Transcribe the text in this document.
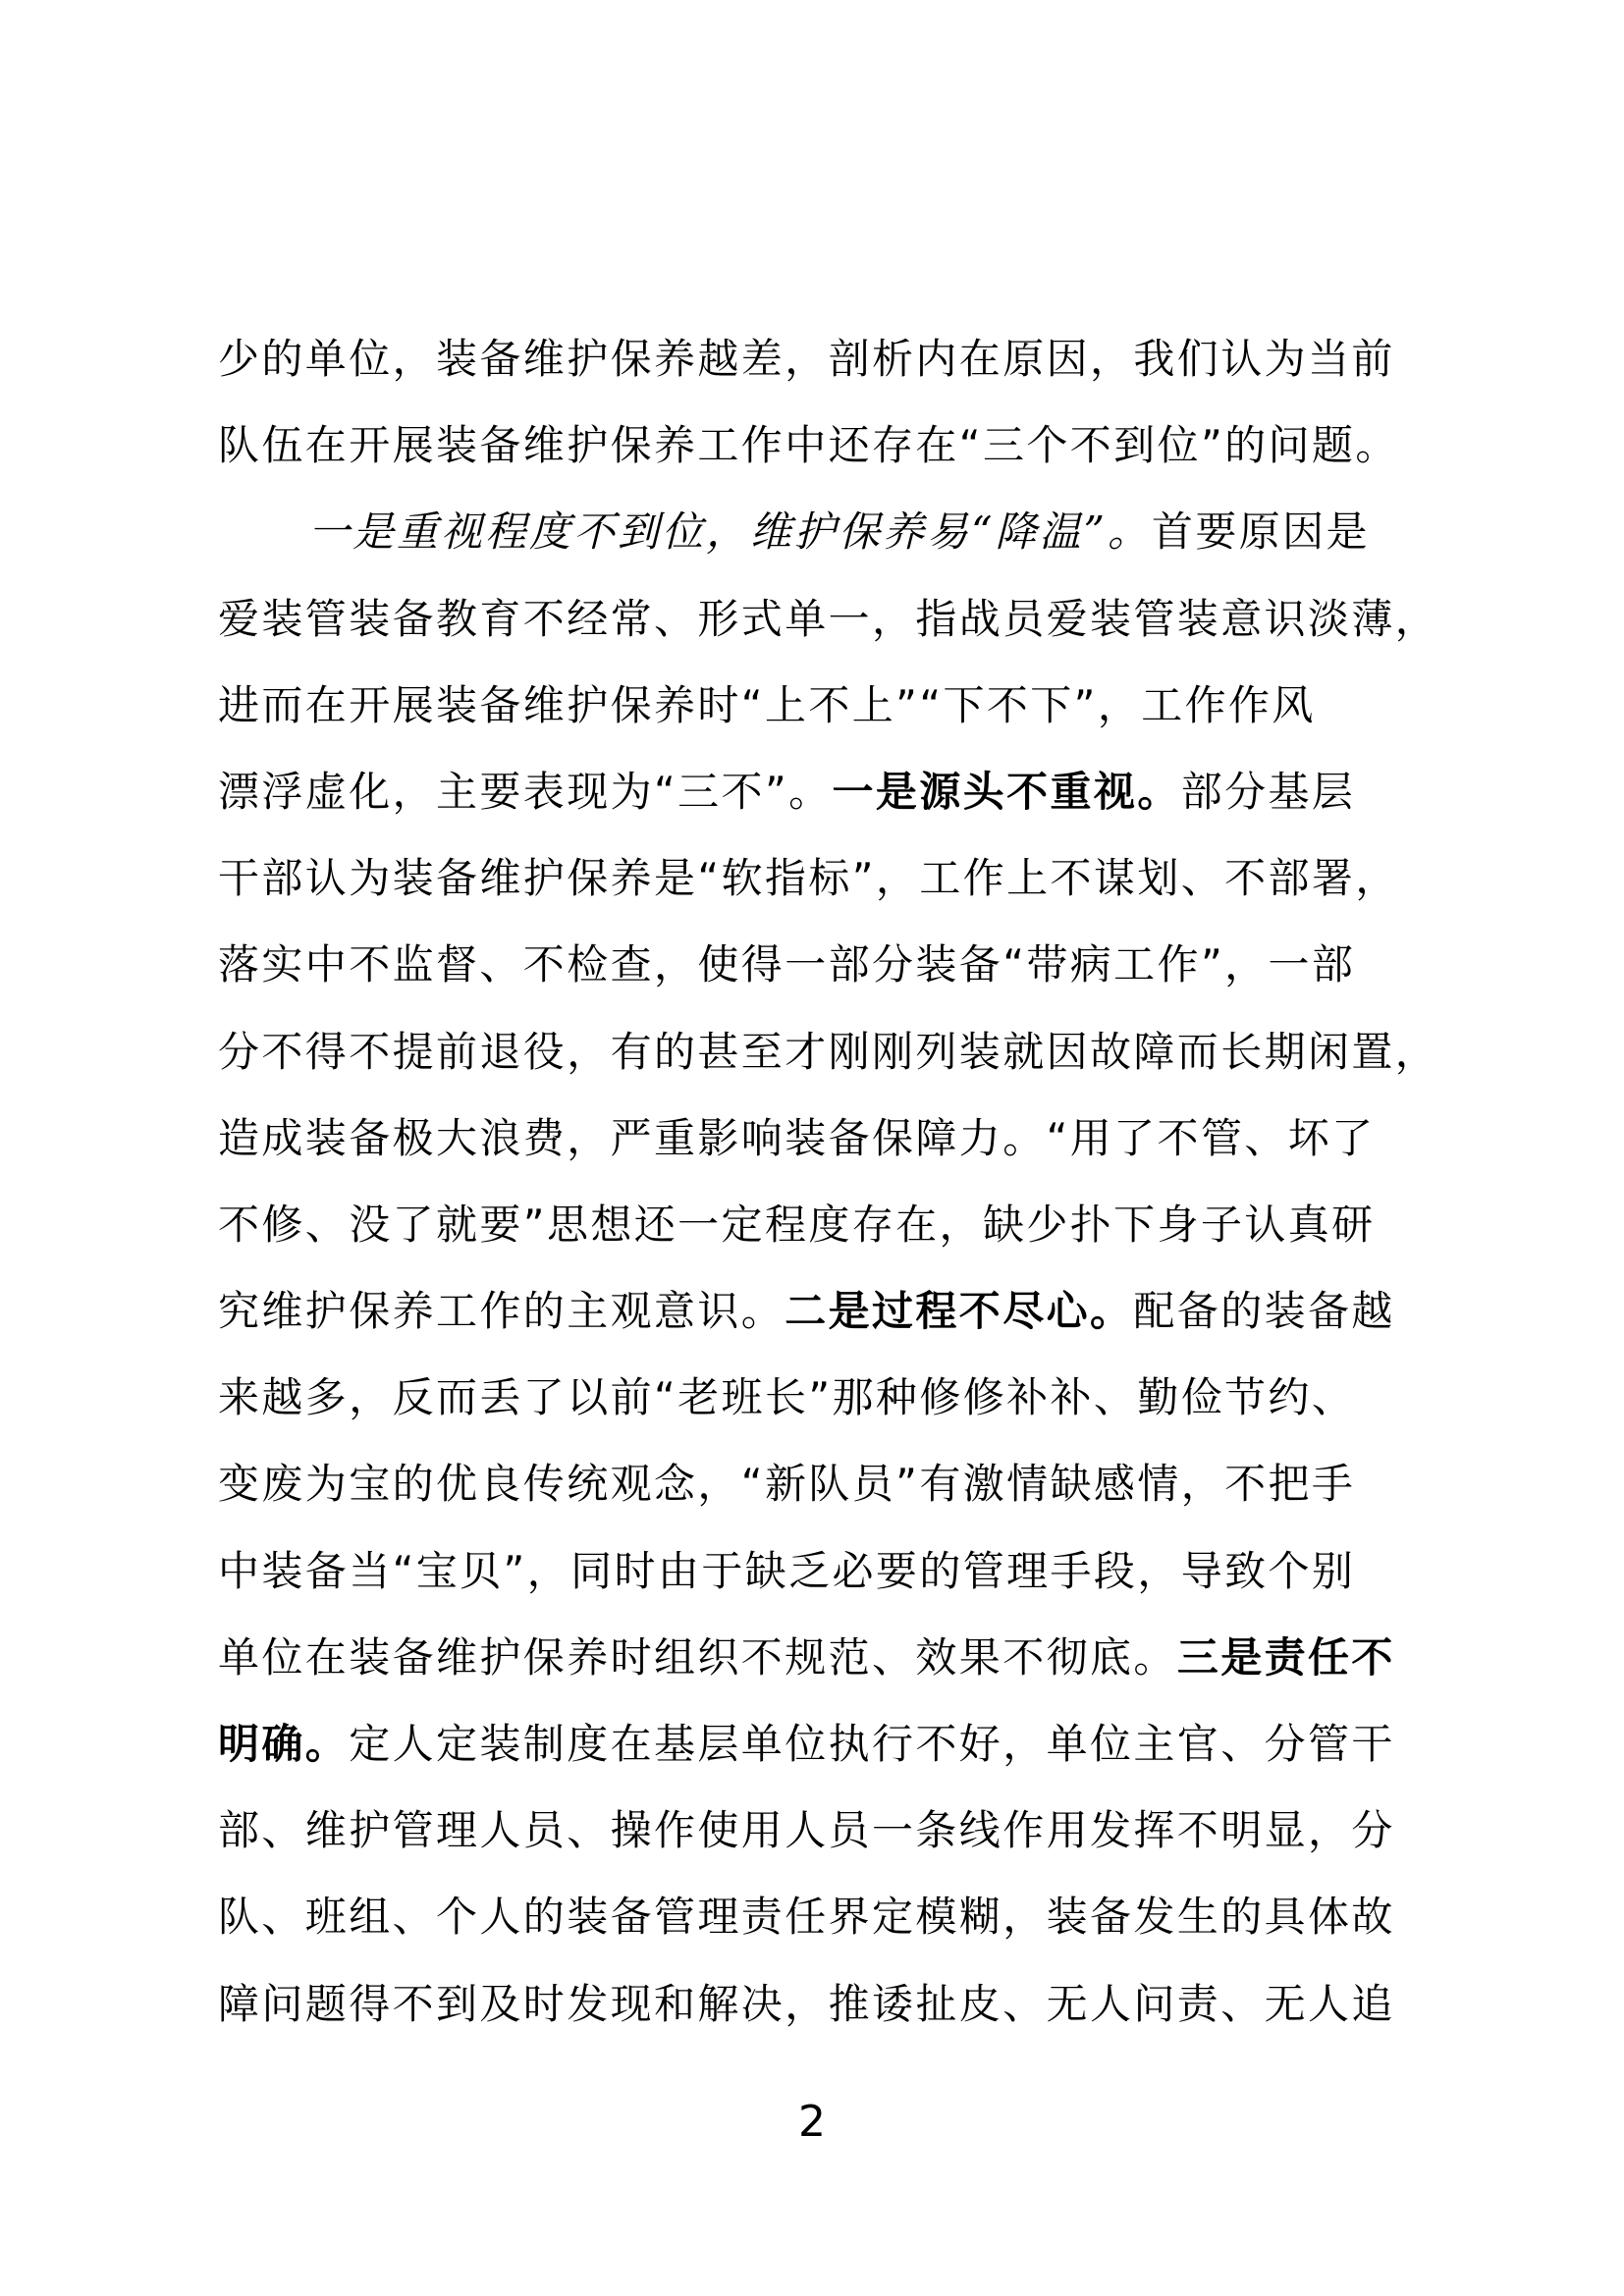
少的单位，装备维护保养越差，剖析内在原因，我们认为当前
队伍在开展装备维护保养工作中还存在“三个不到位”的问题。
一是重视程度不到位，维护保养易“降温”。首要原因是
爱装管装备教育不经常、形式单一，指战员爱装管装意识淡薄，
进而在开展装备维护保养时“上不上”“下不下”，工作作风
漂浮虚化，主要表现为“三不”。一是源头不重视。部分基层
干部认为装备维护保养是“软指标”，工作上不谋划、不部署，
落实中不监督、不检查，使得一部分装备“带病工作”，一部
分不得不提前退役，有的甚至才刚刚列装就因故障而长期闲置，
造成装备极大浪费，严重影响装备保障力。“用了不管、坏了
不修、没了就要”思想还一定程度存在，缺少扑下身子认真研
究维护保养工作的主观意识。二是过程不尽心。配备的装备越
来越多，反而丢了以前“老班长”那种修修补补、勤俭节约、
变废为宝的优良传统观念，“新队员”有激情缺感情，不把手
中装备当“宝贝”，同时由于缺乏必要的管理手段，导致个别
单位在装备维护保养时组织不规范、效果不彻底。三是责任不
明确。定人定装制度在基层单位执行不好，单位主官、分管干
部、维护管理人员、操作使用人员一条线作用发挥不明显，分
队、班组、个人的装备管理责任界定模糊，装备发生的具体故
障问题得不到及时发现和解决，推诿扯皮、无人问责、无人追
2
